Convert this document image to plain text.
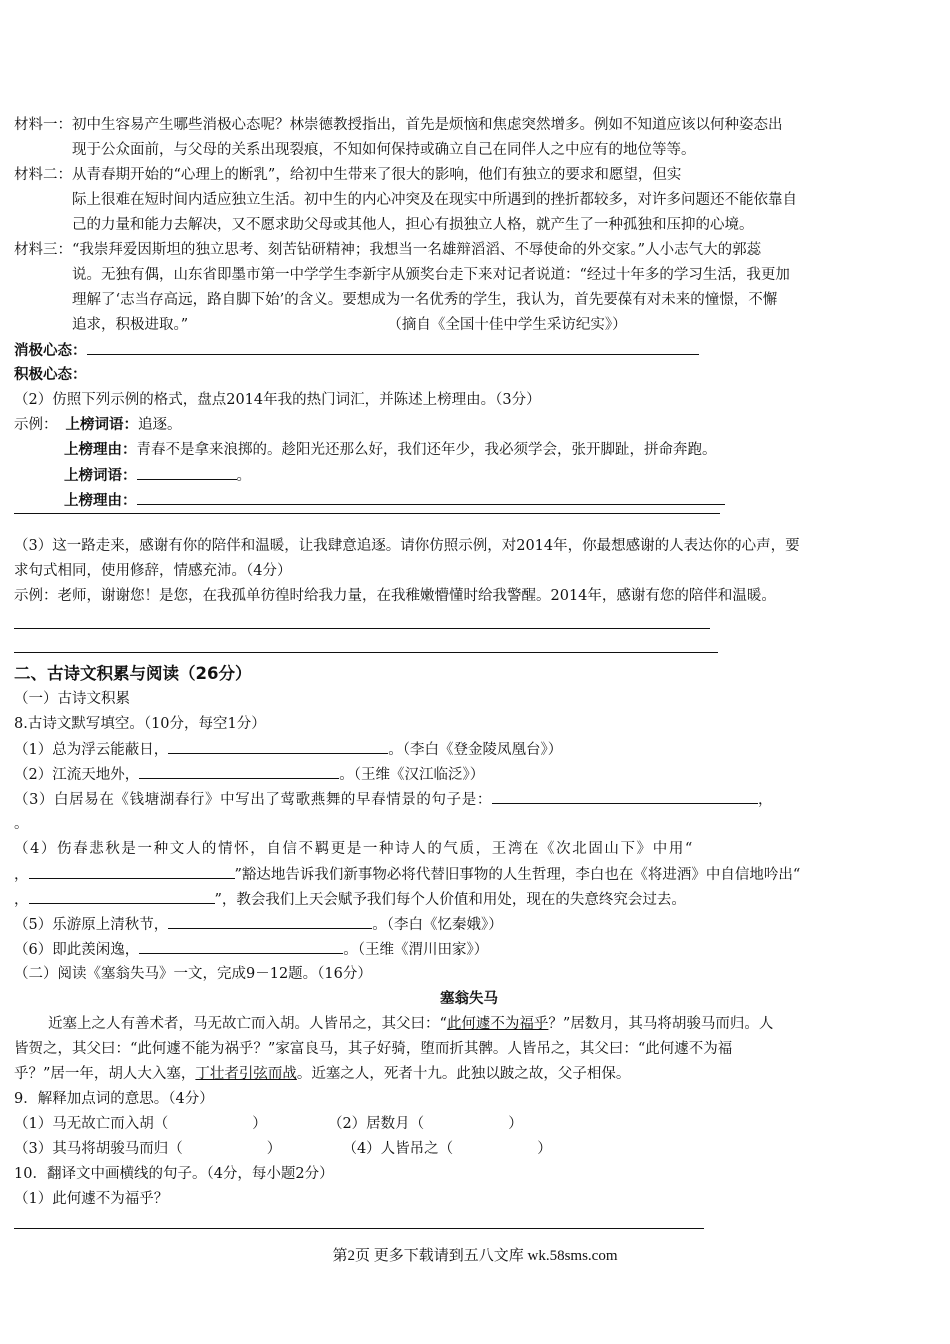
材料一：初中生容易产生哪些消极心态呢？林崇德教授指出，首先是烦恼和焦虑突然增多。例如不知道应该以何种姿态出
现于公众面前，与父母的关系出现裂痕，不知如何保持或确立自己在同伴人之中应有的地位等等。
材料二：从青春期开始的“心理上的断乳”，给初中生带来了很大的影响，他们有独立的要求和愿望，但实
际上很难在短时间内适应独立生活。初中生的内心冲突及在现实中所遇到的挫折都较多，对许多问题还不能依靠自
己的力量和能力去解决，又不愿求助父母或其他人，担心有损独立人格，就产生了一种孤独和压抑的心境。
材料三：“我崇拜爱因斯坦的独立思考、刻苦钻研精神；我想当一名雄辩滔滔、不辱使命的外交家。”人小志气大的郭蕊
说。无独有偶，山东省即墨市第一中学学生李新宇从颁奖台走下来对记者说道：“经过十年多的学习生活，我更加
理解了‘志当存高远，路自脚下始’的含义。要想成为一名优秀的学生，我认为，首先要葆有对未来的憧憬，不懈
追求，积极进取。”	（摘自《全国十佳中学生采访纪实》）
消极心态：
积极心态：
（2）仿照下列示例的格式，盘点2014年我的热门词汇，并陈述上榜理由。（3分）
示例： 上榜词语：追逐。
上榜理由：青春不是拿来浪掷的。趁阳光还那么好，我们还年少，我必须学会，张开脚趾，拼命奔跑。
上榜词语：	。
上榜理由：
（3）这一路走来，感谢有你的陪伴和温暖，让我肆意追逐。请你仿照示例，对2014年，你最想感谢的人表达你的心声，要
求句式相同，使用修辞，情感充沛。（4分）
示例：老师，谢谢您！是您，在我孤单彷徨时给我力量，在我稚嫩懵懂时给我警醒。2014年，感谢有您的陪伴和温暖。
二、古诗文积累与阅读（26分）
（一）古诗文积累
8.古诗文默写填空。（10分，每空1分）
（1）总为浮云能蔽日，	。（李白《登金陵凤凰台》）
（2）江流天地外，	。（王维《汉江临泛》）
（3）白居易在《钱塘湖春行》中写出了莺歌燕舞的早春情景的句子是：	，
。
（4）伤春悲秋是一种文人的情怀，自信不羁更是一种诗人的气质，王湾在《次北固山下》中用“
，	”豁达地告诉我们新事物必将代替旧事物的人生哲理，李白也在《将进酒》中自信地吟出“
，	”，教会我们上天会赋予我们每个人价值和用处，现在的失意终究会过去。
（5）乐游原上清秋节，	。（李白《忆秦娥》）
（6）即此羡闲逸，	。（王维《渭川田家》）
（二）阅读《塞翁失马》一文，完成9－12题。（16分）
塞翁失马
近塞上之人有善术者，马无故亡而入胡。人皆吊之，其父曰：“此何遽不为福乎？”居数月，其马将胡骏马而归。人
皆贺之，其父曰：“此何遽不能为祸乎？”家富良马，其子好骑，堕而折其髀。人皆吊之，其父曰：“此何遽不为福
乎？”居一年，胡人大入塞，丁壮者引弦而战。近塞之人，死者十九。此独以跛之故，父子相保。
9．解释加点词的意思。（4分）
（1）马无故亡而入胡（	）	（2）居数月（	）
（3）其马将胡骏马而归（	）	（4）人皆吊之（	）
10．翻译文中画横线的句子。（4分，每小题2分）
（1）此何遽不为福乎？
第2页 更多下载请到五八文库 wk.58sms.com
